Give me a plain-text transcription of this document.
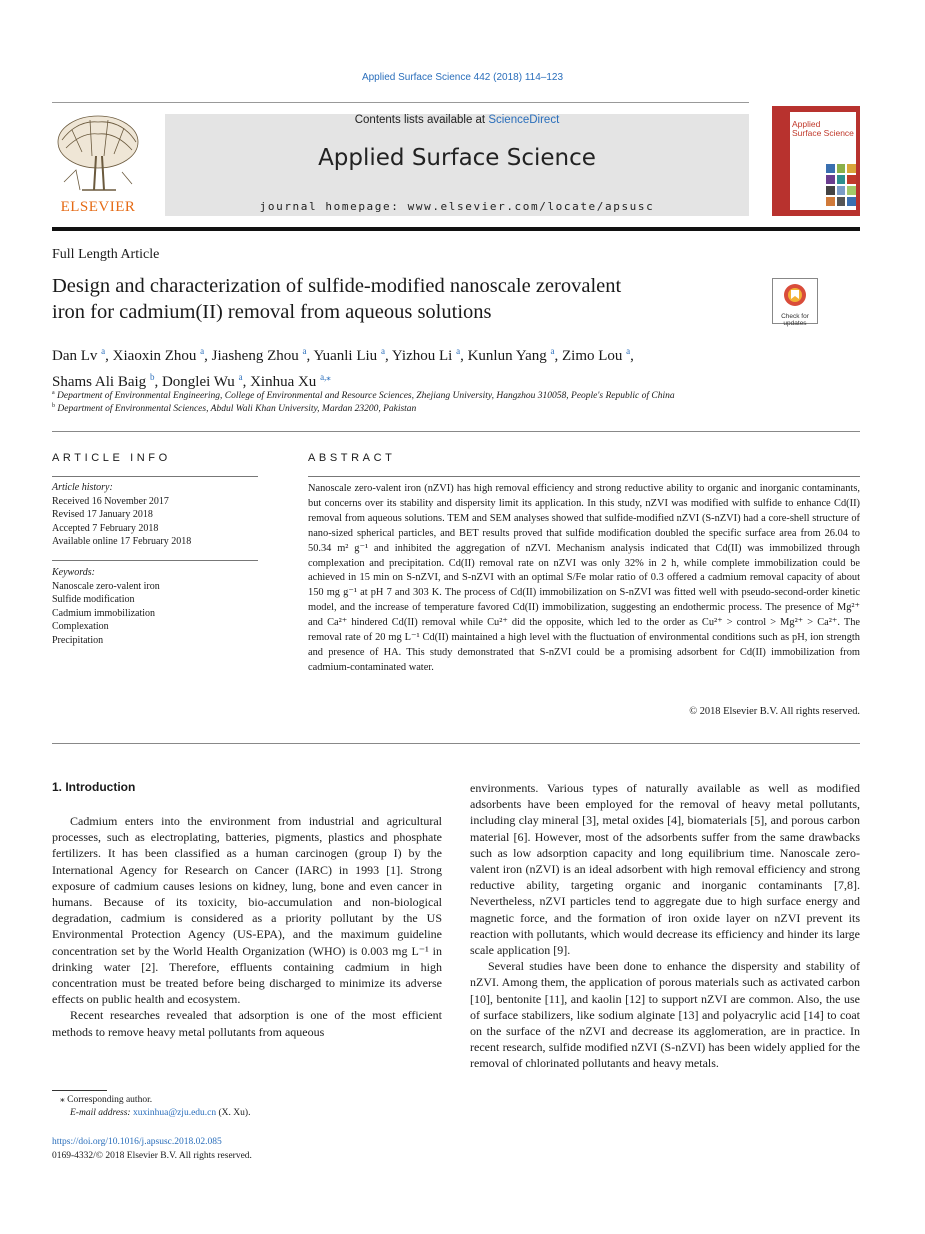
Applied Surface Science 442 (2018) 114–123
ELSEVIER
Contents lists available at ScienceDirect
Applied Surface Science
journal homepage: www.elsevier.com/locate/apsusc
Applied
Surface Science
Full Length Article
Design and characterization of sulfide-modified nanoscale zerovalent
iron for cadmium(II) removal from aqueous solutions	Check for
updates
Dan Lv $^a$, Xiaoxin Zhou $^a$, Jiasheng Zhou $^a$, Yuanli Liu $^a$, Yizhou Li $^a$, Kunlun Yang $^a$, Zimo Lou $^a$,
Shams Ali Baig $^b$, Donglei Wu $^a$, Xinhua Xu $^{a,⁎}$
$^a$ Department of Environmental Engineering, College of Environmental and Resource Sciences, Zhejiang University, Hangzhou 310058, People's Republic of China
$^b$ Department of Environmental Sciences, Abdul Wali Khan University, Mardan 23200, Pakistan
ARTICLE INFO	ABSTRACT
Article history:
Received 16 November 2017
Revised 17 January 2018
Accepted 7 February 2018
Available online 17 February 2018
Keywords:
Nanoscale zero-valent iron
Sulfide modification
Cadmium immobilization
Complexation
Precipitation
Nanoscale zero-valent iron (nZVI) has high removal efficiency and strong reductive ability to organic and inorganic contaminants, but concerns over its stability and dispersity limit its application. In this study, nZVI was modified with sulfide to enhance Cd(II) removal from aqueous solutions. TEM and SEM analyses showed that sulfide-modified nZVI (S-nZVI) had a core-shell structure of nano-sized spherical particles, and BET results proved that sulfide modification doubled the specific surface area from 26.04 to 50.34 m² g⁻¹ and inhibited the aggregation of nZVI. Mechanism analysis indicated that Cd(II) was immobilized through complexation and precipitation. Cd(II) removal rate on nZVI was only 32% in 2 h, while complete immobilization could be achieved in 15 min on S-nZVI, and S-nZVI with an optimal S/Fe molar ratio of 0.3 offered a cadmium removal capacity of about 150 mg g⁻¹ at pH 7 and 303 K. The process of Cd(II) immobilization on S-nZVI was fitted well with pseudo-second-order kinetic model, and the increase of temperature favored Cd(II) immobilization, suggesting an endothermic process. The presence of Mg²⁺ and Ca²⁺ hindered Cd(II) removal while Cu²⁺ did the opposite, which led to the order as Cu²⁺ > control > Mg²⁺ > Ca²⁺. The removal rate of 20 mg L⁻¹ Cd(II) maintained a high level with the fluctuation of environmental conditions such as pH, ion strength and presence of HA. This study demonstrated that S-nZVI could be a promising adsorbent for Cd(II) immobilization from cadmium-contaminated water.
© 2018 Elsevier B.V. All rights reserved.
1. Introduction

Cadmium enters into the environment from industrial and agricultural processes, such as electroplating, batteries, pigments, plastics and phosphate fertilizers. It has been classified as a human carcinogen (group I) by the International Agency for Research on Cancer (IARC) in 1993 [1]. Strong exposure of cadmium causes lesions on kidney, lung, bone and even cancer in humans. Because of its toxicity, bio-accumulation and non-biological degradation, cadmium is considered as a priority pollutant by the US Environmental Protection Agency (US-EPA), and the maximum guideline concentration set by the World Health Organization (WHO) is 0.003 mg L⁻¹ in drinking water [2]. Therefore, effluents containing cadmium in high concentration must be treated before being discharged to minimize its adverse effects on public health and ecosystem.

Recent researches revealed that adsorption is one of the most efficient methods to remove heavy metal pollutants from aqueous

environments. Various types of naturally available as well as modified adsorbents have been employed for the removal of heavy metal pollutants, including clay mineral [3], metal oxides [4], biomaterials [5], and porous carbon material [6]. However, most of the adsorbents suffer from the same drawbacks such as low adsorption capacity and long equilibrium time. Nanoscale zero-valent iron (nZVI) is an ideal adsorbent with high removal efficiency and strong reductive ability, targeting organic and inorganic contaminants [7,8]. Nevertheless, nZVI particles tend to aggregate due to high surface energy and magnetic force, and the formation of iron oxide layer on nZVI prevent its reaction with pollutants, which would decrease its efficiency and hinder its large scale application [9].

Several studies have been done to enhance the dispersity and stability of nZVI. Among them, the application of porous materials such as activated carbon [10], bentonite [11], and kaolin [12] to support nZVI are common. Also, the use of surface stabilizers, like sodium alginate [13] and polyacrylic acid [14] to coat on the surface of the nZVI and decrease its agglomeration, are in practice. In recent research, sulfide modified nZVI (S-nZVI) has been widely applied for the removal of chlorinated pollutants and heavy metals.

⁎ Corresponding author.
E-mail address: xuxinhua@zju.edu.cn (X. Xu).
https://doi.org/10.1016/j.apsusc.2018.02.085
0169-4332/© 2018 Elsevier B.V. All rights reserved.
